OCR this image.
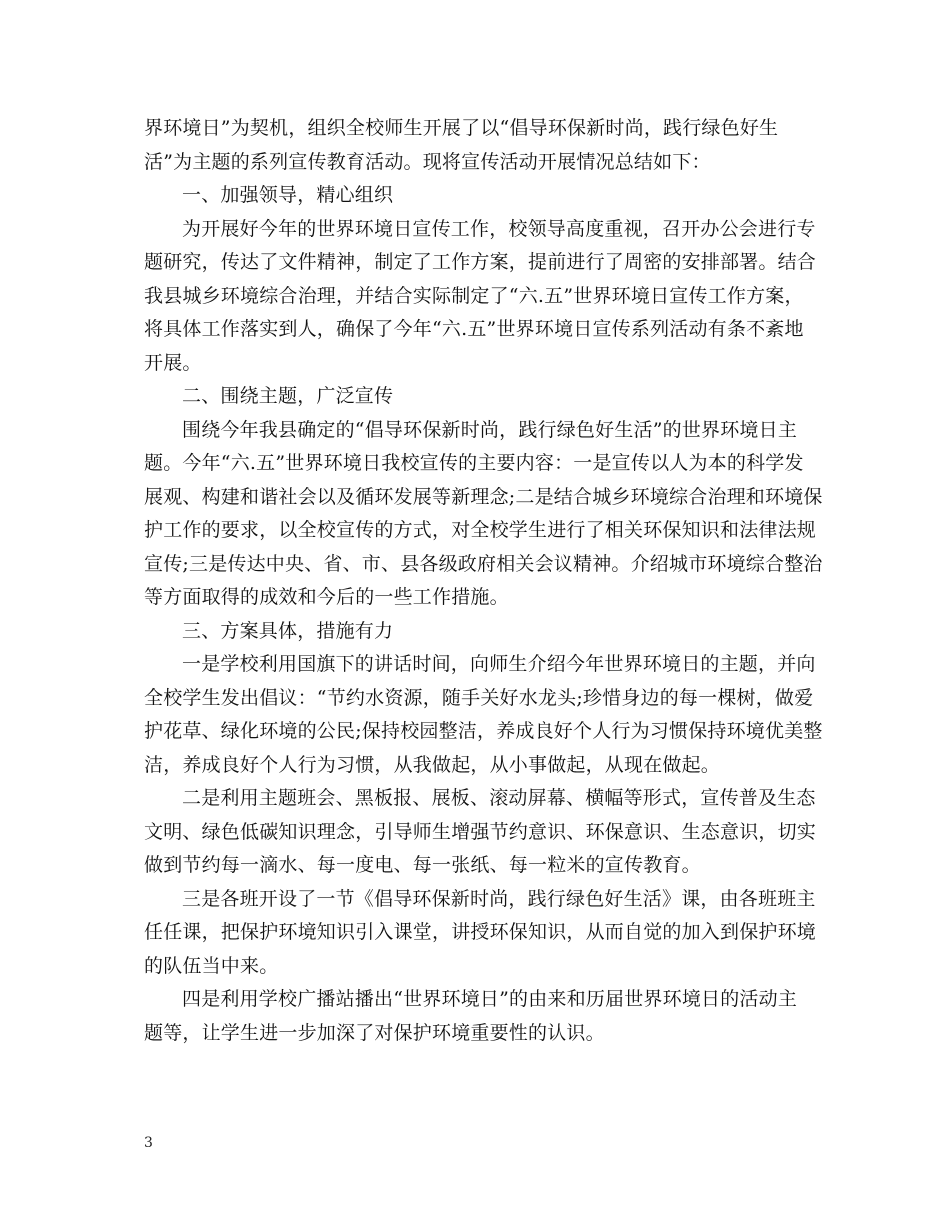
界环境日”为契机，组织全校师生开展了以“倡导环保新时尚，践行绿色好生
活”为主题的系列宣传教育活动。现将宣传活动开展情况总结如下：
一、加强领导，精心组织
为开展好今年的世界环境日宣传工作，校领导高度重视，召开办公会进行专
题研究，传达了文件精神，制定了工作方案，提前进行了周密的安排部署。结合
我县城乡环境综合治理，并结合实际制定了“六.五”世界环境日宣传工作方案，
将具体工作落实到人，确保了今年“六.五”世界环境日宣传系列活动有条不紊地
开展。
二、围绕主题，广泛宣传
围绕今年我县确定的“倡导环保新时尚，践行绿色好生活”的世界环境日主
题。今年“六.五”世界环境日我校宣传的主要内容：一是宣传以人为本的科学发
展观、构建和谐社会以及循环发展等新理念;二是结合城乡环境综合治理和环境保
护工作的要求，以全校宣传的方式，对全校学生进行了相关环保知识和法律法规
宣传;三是传达中央、省、市、县各级政府相关会议精神。介绍城市环境综合整治
等方面取得的成效和今后的一些工作措施。
三、方案具体，措施有力
一是学校利用国旗下的讲话时间，向师生介绍今年世界环境日的主题，并向
全校学生发出倡议：“节约水资源，随手关好水龙头;珍惜身边的每一棵树，做爱
护花草、绿化环境的公民;保持校园整洁，养成良好个人行为习惯保持环境优美整
洁，养成良好个人行为习惯，从我做起，从小事做起，从现在做起。
二是利用主题班会、黑板报、展板、滚动屏幕、横幅等形式，宣传普及生态
文明、绿色低碳知识理念，引导师生增强节约意识、环保意识、生态意识，切实
做到节约每一滴水、每一度电、每一张纸、每一粒米的宣传教育。
三是各班开设了一节《倡导环保新时尚，践行绿色好生活》课，由各班班主
任任课，把保护环境知识引入课堂，讲授环保知识，从而自觉的加入到保护环境
的队伍当中来。
四是利用学校广播站播出“世界环境日”的由来和历届世界环境日的活动主
题等，让学生进一步加深了对保护环境重要性的认识。
3
